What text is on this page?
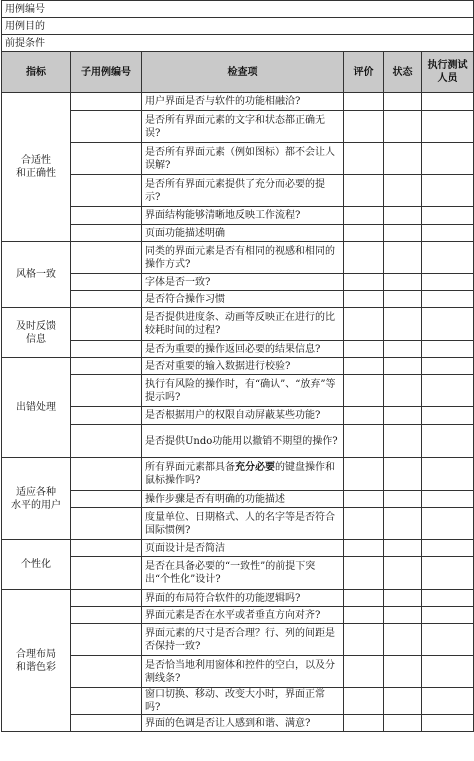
用例编号					
用例目的					
前提条件					
指标	子用例编号	检查项	评价	状态	执行测试人员
合适性
和正确性		用户界面是否与软件的功能相融洽?			
		是否所有界面元素的文字和状态都正确无误?			
		是否所有界面元素（例如图标）都不会让人误解?			
		是否所有界面元素提供了充分而必要的提示?			
		界面结构能够清晰地反映工作流程?			
		页面功能描述明确			
风格一致		同类的界面元素是否有相同的视感和相同的操作方式?			
		字体是否一致?			
		是否符合操作习惯			
及时反馈
信息		是否提供进度条、动画等反映正在进行的比较耗时间的过程?			
		是否为重要的操作返回必要的结果信息?			
出错处理		是否对重要的输入数据进行校验?			
		执行有风险的操作时，有“确认”、“放弃”等提示吗?			
		是否根据用户的权限自动屏蔽某些功能?			
		是否提供Undo功能用以撤销不期望的操作?			
适应各种
水平的用户		所有界面元素都具备充分必要的键盘操作和鼠标操作吗?			
		操作步骤是否有明确的功能描述			
		度量单位、日期格式、人的名字等是否符合国际惯例?			
个性化		页面设计是否简洁			
		是否在具备必要的“一致性”的前提下突出“个性化”设计?			
合理布局
和谐色彩		界面的布局符合软件的功能逻辑吗?			
		界面元素是否在水平或者垂直方向对齐?			
		界面元素的尺寸是否合理？行、列的间距是否保持一致?			
		是否恰当地利用窗体和控件的空白，以及分割线条?			
		窗口切换、移动、改变大小时，界面正常吗?			
		界面的色调是否让人感到和谐、满意?			
